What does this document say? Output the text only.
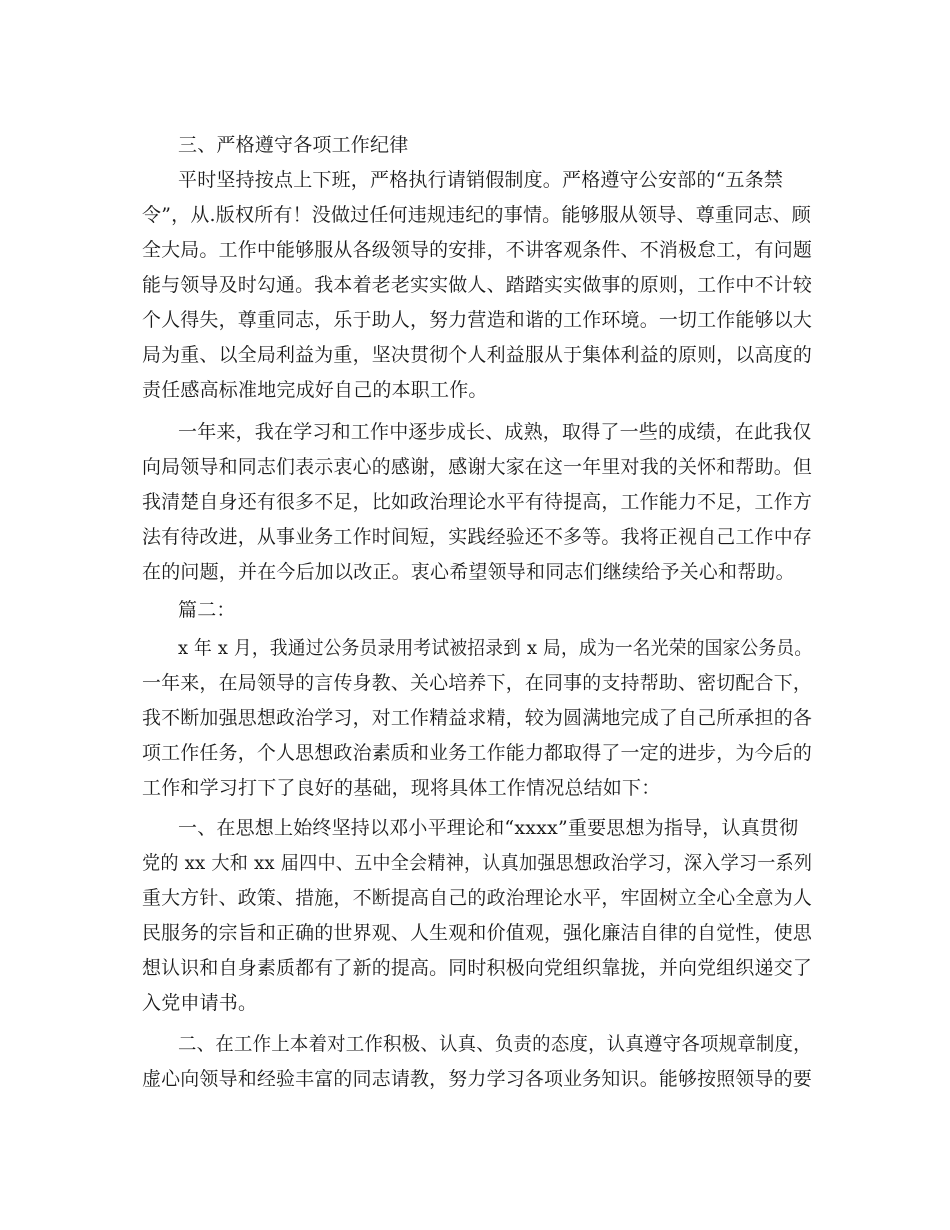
三、严格遵守各项工作纪律
平时坚持按点上下班，严格执行请销假制度。严格遵守公安部的“五条禁
令”，从.版权所有！没做过任何违规违纪的事情。能够服从领导、尊重同志、顾
全大局。工作中能够服从各级领导的安排，不讲客观条件、不消极怠工，有问题
能与领导及时勾通。我本着老老实实做人、踏踏实实做事的原则，工作中不计较
个人得失，尊重同志，乐于助人，努力营造和谐的工作环境。一切工作能够以大
局为重、以全局利益为重，坚决贯彻个人利益服从于集体利益的原则，以高度的
责任感高标准地完成好自己的本职工作。
一年来，我在学习和工作中逐步成长、成熟，取得了一些的成绩，在此我仅
向局领导和同志们表示衷心的感谢，感谢大家在这一年里对我的关怀和帮助。但
我清楚自身还有很多不足，比如政治理论水平有待提高，工作能力不足，工作方
法有待改进，从事业务工作时间短，实践经验还不多等。我将正视自己工作中存
在的问题，并在今后加以改正。衷心希望领导和同志们继续给予关心和帮助。
篇二：
x 年 x 月，我通过公务员录用考试被招录到 x 局，成为一名光荣的国家公务员。
一年来，在局领导的言传身教、关心培养下，在同事的支持帮助、密切配合下，
我不断加强思想政治学习，对工作精益求精，较为圆满地完成了自己所承担的各
项工作任务，个人思想政治素质和业务工作能力都取得了一定的进步，为今后的
工作和学习打下了良好的基础，现将具体工作情况总结如下：
一、在思想上始终坚持以邓小平理论和“xxxx”重要思想为指导，认真贯彻
党的 xx 大和 xx 届四中、五中全会精神，认真加强思想政治学习，深入学习一系列
重大方针、政策、措施，不断提高自己的政治理论水平，牢固树立全心全意为人
民服务的宗旨和正确的世界观、人生观和价值观，强化廉洁自律的自觉性，使思
想认识和自身素质都有了新的提高。同时积极向党组织靠拢，并向党组织递交了
入党申请书。
二、在工作上本着对工作积极、认真、负责的态度，认真遵守各项规章制度，
虚心向领导和经验丰富的同志请教，努力学习各项业务知识。能够按照领导的要
